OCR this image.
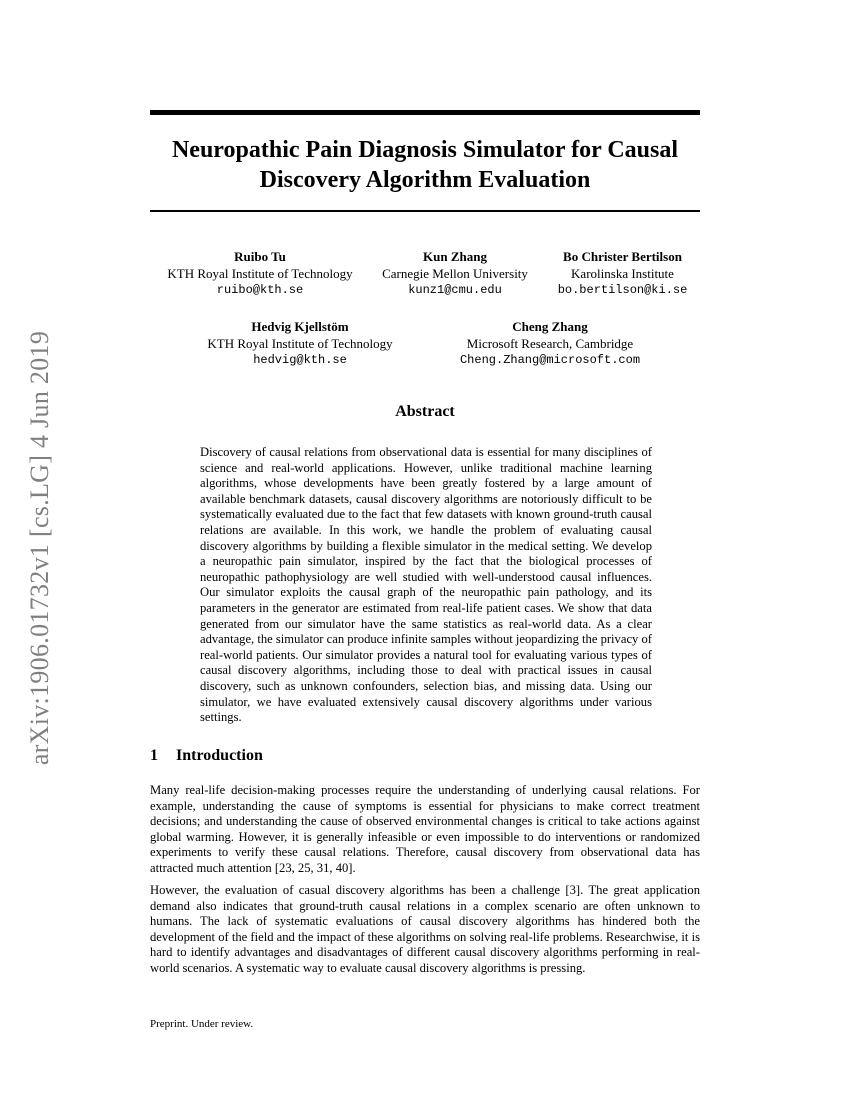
arXiv:1906.01732v1 [cs.LG] 4 Jun 2019
Neuropathic Pain Diagnosis Simulator for Causal Discovery Algorithm Evaluation
Ruibo Tu
KTH Royal Institute of Technology
ruibo@kth.se
Kun Zhang
Carnegie Mellon University
kunz1@cmu.edu
Bo Christer Bertilson
Karolinska Institute
bo.bertilson@ki.se
Hedvig Kjellstöm
KTH Royal Institute of Technology
hedvig@kth.se
Cheng Zhang
Microsoft Research, Cambridge
Cheng.Zhang@microsoft.com
Abstract
Discovery of causal relations from observational data is essential for many disciplines of science and real-world applications. However, unlike traditional machine learning algorithms, whose developments have been greatly fostered by a large amount of available benchmark datasets, causal discovery algorithms are notoriously difficult to be systematically evaluated due to the fact that few datasets with known ground-truth causal relations are available. In this work, we handle the problem of evaluating causal discovery algorithms by building a flexible simulator in the medical setting. We develop a neuropathic pain simulator, inspired by the fact that the biological processes of neuropathic pathophysiology are well studied with well-understood causal influences. Our simulator exploits the causal graph of the neuropathic pain pathology, and its parameters in the generator are estimated from real-life patient cases. We show that data generated from our simulator have the same statistics as real-world data. As a clear advantage, the simulator can produce infinite samples without jeopardizing the privacy of real-world patients. Our simulator provides a natural tool for evaluating various types of causal discovery algorithms, including those to deal with practical issues in causal discovery, such as unknown confounders, selection bias, and missing data. Using our simulator, we have evaluated extensively causal discovery algorithms under various settings.
1 Introduction
Many real-life decision-making processes require the understanding of underlying causal relations. For example, understanding the cause of symptoms is essential for physicians to make correct treatment decisions; and understanding the cause of observed environmental changes is critical to take actions against global warming. However, it is generally infeasible or even impossible to do interventions or randomized experiments to verify these causal relations. Therefore, causal discovery from observational data has attracted much attention [23, 25, 31, 40].
However, the evaluation of casual discovery algorithms has been a challenge [3]. The great application demand also indicates that ground-truth causal relations in a complex scenario are often unknown to humans. The lack of systematic evaluations of causal discovery algorithms has hindered both the development of the field and the impact of these algorithms on solving real-life problems. Researchwise, it is hard to identify advantages and disadvantages of different causal discovery algorithms performing in real-world scenarios. A systematic way to evaluate causal discovery algorithms is pressing.
Preprint. Under review.
